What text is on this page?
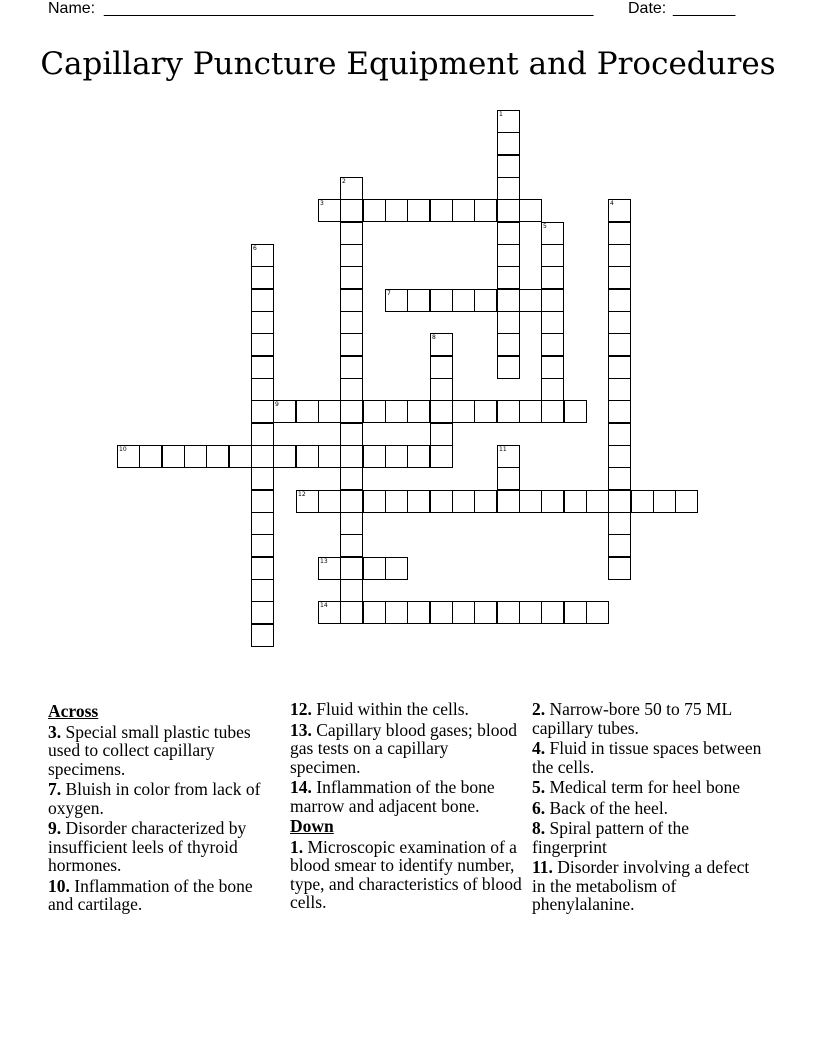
Name: _______________________________________________________ Date: _______
Capillary Puncture Equipment and Procedures
1
2
3	4
5
6
7
8
9
10	11
12
13
14
Across
3. Special small plastic tubes used to collect capillary specimens.
7. Bluish in color from lack of oxygen.
9. Disorder characterized by insufficient leels of thyroid hormones.
10. Inflammation of the bone and cartilage.
12. Fluid within the cells.
13. Capillary blood gases; blood gas tests on a capillary specimen.
14. Inflammation of the bone marrow and adjacent bone.
Down
1. Microscopic examination of a blood smear to identify number, type, and characteristics of blood cells.
2. Narrow-bore 50 to 75 ML capillary tubes.
4. Fluid in tissue spaces between the cells.
5. Medical term for heel bone
6. Back of the heel.
8. Spiral pattern of the fingerprint
11. Disorder involving a defect in the metabolism of phenylalanine.
